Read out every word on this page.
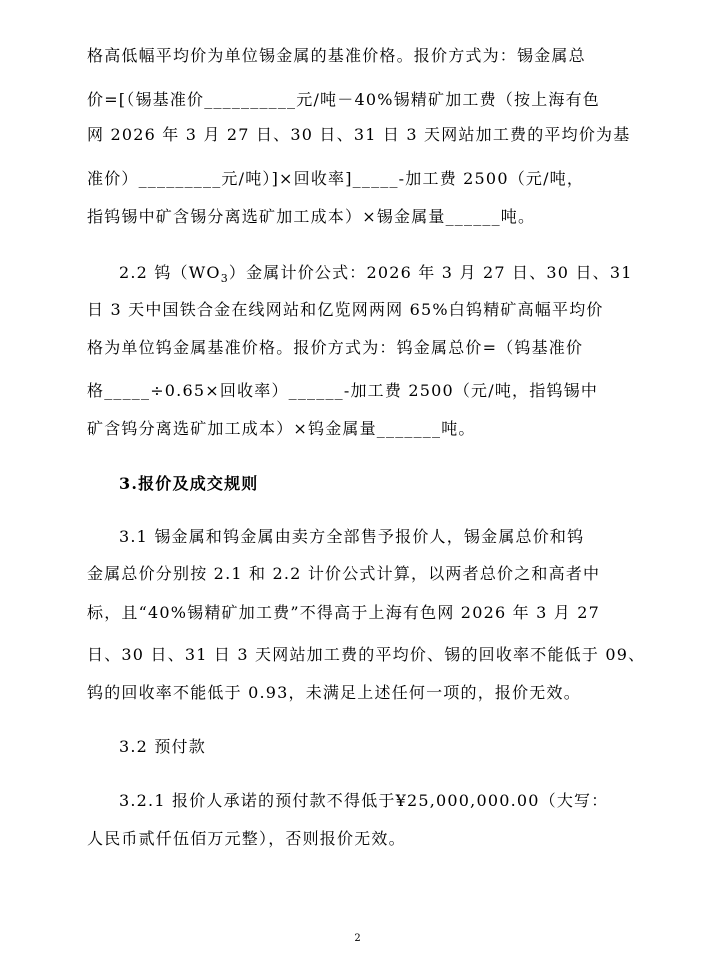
格高低幅平均价为单位锡金属的基准价格。报价方式为：锡金属总
价=[（锡基准价__________元/吨－40%锡精矿加工费（按上海有色
网 2026 年 3 月 27 日、30 日、31 日 3 天网站加工费的平均价为基
准价）_________元/吨）]×回收率]_____-加工费 2500（元/吨，
指钨锡中矿含锡分离选矿加工成本）×锡金属量______吨。
2.2 钨$(WO_3)$金属计价公式：2026 年 3 月 27 日、30 日、31
日 3 天中国铁合金在线网站和亿览网两网 65%白钨精矿高幅平均价
格为单位钨金属基准价格。报价方式为：钨金属总价=（钨基准价
格_____÷0.65×回收率）______-加工费 2500（元/吨，指钨锡中
矿含钨分离选矿加工成本）×钨金属量_______吨。
3.报价及成交规则
3.1 锡金属和钨金属由卖方全部售予报价人，锡金属总价和钨
金属总价分别按 2.1 和 2.2 计价公式计算，以两者总价之和高者中
标，且“40%锡精矿加工费”不得高于上海有色网 2026 年 3 月 27
日、30 日、31 日 3 天网站加工费的平均价、锡的回收率不能低于 09、
钨的回收率不能低于 0.93，未满足上述任何一项的，报价无效。
3.2 预付款
3.2.1 报价人承诺的预付款不得低于¥25,000,000.00（大写：
人民币贰仟伍佰万元整），否则报价无效。
2
